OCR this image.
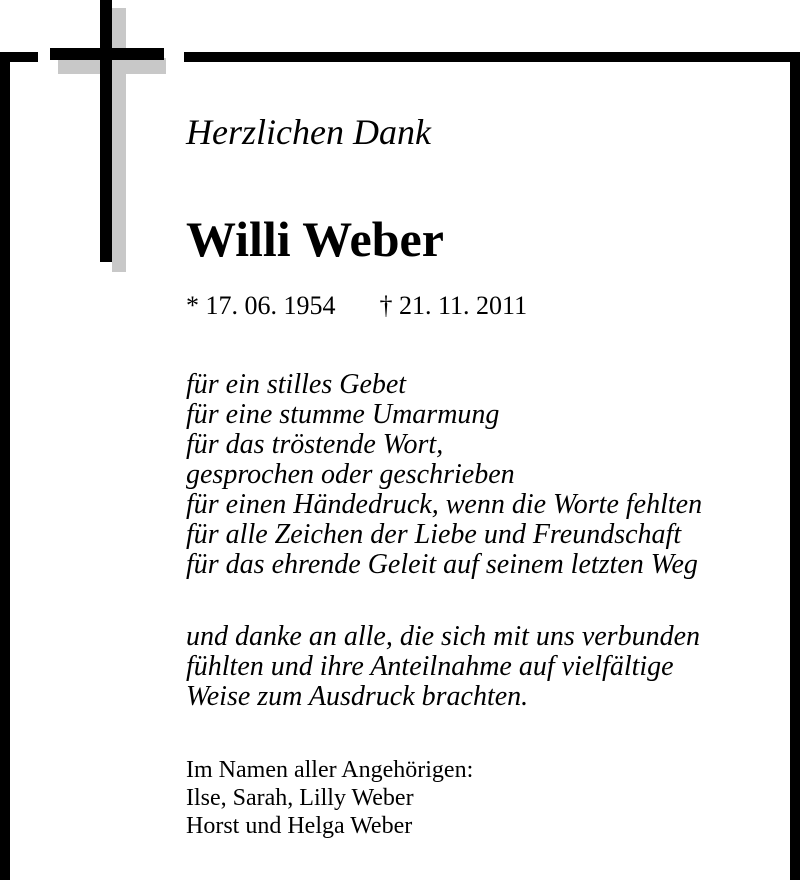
Herzlichen Dank
Willi Weber
* 17. 06. 1954 † 21. 11. 2011
für ein stilles Gebet
für eine stumme Umarmung
für das tröstende Wort,
gesprochen oder geschrieben
für einen Händedruck, wenn die Worte fehlten
für alle Zeichen der Liebe und Freundschaft
für das ehrende Geleit auf seinem letzten Weg
und danke an alle, die sich mit uns verbunden
fühlten und ihre Anteilnahme auf vielfältige
Weise zum Ausdruck brachten.
Im Namen aller Angehörigen:
Ilse, Sarah, Lilly Weber
Horst und Helga Weber
